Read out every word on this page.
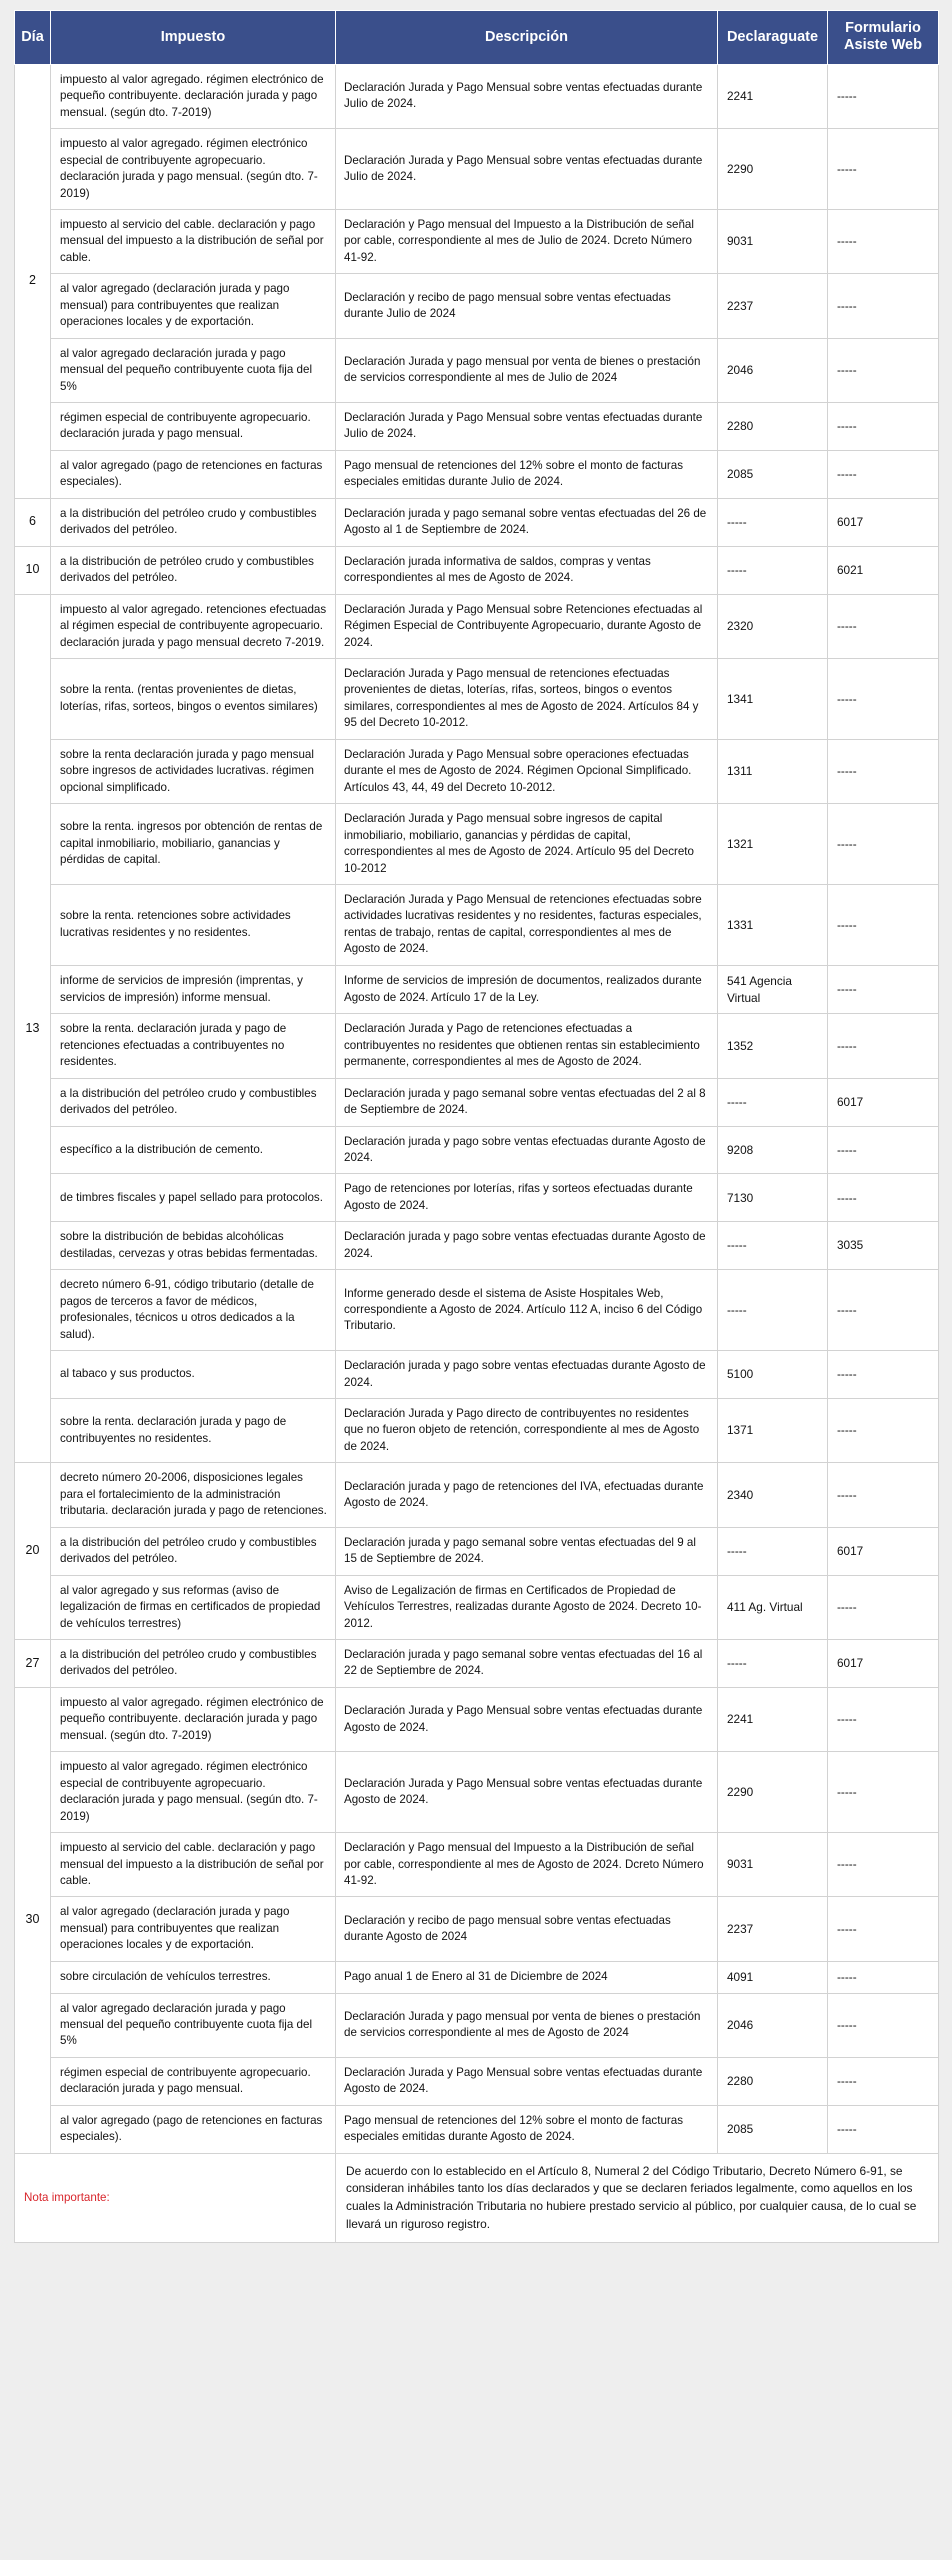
Día	Impuesto	Descripción	Declaraguate	Formulario Asiste Web
2	impuesto al valor agregado. régimen electrónico de pequeño contribuyente. declaración jurada y pago mensual. (según dto. 7-2019)	Declaración Jurada y Pago Mensual sobre ventas efectuadas durante Julio de 2024.	2241	-----
	impuesto al valor agregado. régimen electrónico especial de contribuyente agropecuario. declaración jurada y pago mensual. (según dto. 7-2019)	Declaración Jurada y Pago Mensual sobre ventas efectuadas durante Julio de 2024.	2290	-----
	impuesto al servicio del cable. declaración y pago mensual del impuesto a la distribución de señal por cable.	Declaración y Pago mensual del Impuesto a la Distribución de señal por cable, correspondiente al mes de Julio de 2024. Dcreto Número 41-92.	9031	-----
	al valor agregado (declaración jurada y pago mensual) para contribuyentes que realizan operaciones locales y de exportación.	Declaración y recibo de pago mensual sobre ventas efectuadas durante Julio de 2024	2237	-----
	al valor agregado declaración jurada y pago mensual del pequeño contribuyente cuota fija del 5%	Declaración Jurada y pago mensual por venta de bienes o prestación de servicios correspondiente al mes de Julio de 2024	2046	-----
	régimen especial de contribuyente agropecuario. declaración jurada y pago mensual.	Declaración Jurada y Pago Mensual sobre ventas efectuadas durante Julio de 2024.	2280	-----
	al valor agregado (pago de retenciones en facturas especiales).	Pago mensual de retenciones del 12% sobre el monto de facturas especiales emitidas durante Julio de 2024.	2085	-----
6	a la distribución del petróleo crudo y combustibles derivados del petróleo.	Declaración jurada y pago semanal sobre ventas efectuadas del 26 de Agosto al 1 de Septiembre de 2024.	-----	6017
10	a la distribución de petróleo crudo y combustibles derivados del petróleo.	Declaración jurada informativa de saldos, compras y ventas correspondientes al mes de Agosto de 2024.	-----	6021
13	impuesto al valor agregado. retenciones efectuadas al régimen especial de contribuyente agropecuario. declaración jurada y pago mensual decreto 7-2019.	Declaración Jurada y Pago Mensual sobre Retenciones efectuadas al Régimen Especial de Contribuyente Agropecuario, durante Agosto de 2024.	2320	-----
	sobre la renta. (rentas provenientes de dietas, loterías, rifas, sorteos, bingos o eventos similares)	Declaración Jurada y Pago mensual de retenciones efectuadas provenientes de dietas, loterías, rifas, sorteos, bingos o eventos similares, correspondientes al mes de Agosto de 2024. Artículos 84 y 95 del Decreto 10-2012.	1341	-----
	sobre la renta declaración jurada y pago mensual sobre ingresos de actividades lucrativas. régimen opcional simplificado.	Declaración Jurada y Pago Mensual sobre operaciones efectuadas durante el mes de Agosto de 2024. Régimen Opcional Simplificado. Artículos 43, 44, 49 del Decreto 10-2012.	1311	-----
	sobre la renta. ingresos por obtención de rentas de capital inmobiliario, mobiliario, ganancias y pérdidas de capital.	Declaración Jurada y Pago mensual sobre ingresos de capital inmobiliario, mobiliario, ganancias y pérdidas de capital, correspondientes al mes de Agosto de 2024. Artículo 95 del Decreto 10-2012	1321	-----
	sobre la renta. retenciones sobre actividades lucrativas residentes y no residentes.	Declaración Jurada y Pago Mensual de retenciones efectuadas sobre actividades lucrativas residentes y no residentes, facturas especiales, rentas de trabajo, rentas de capital, correspondientes al mes de Agosto de 2024.	1331	-----
	informe de servicios de impresión (imprentas, y servicios de impresión) informe mensual.	Informe de servicios de impresión de documentos, realizados durante Agosto de 2024. Artículo 17 de la Ley.	541 Agencia Virtual	-----
	sobre la renta. declaración jurada y pago de retenciones efectuadas a contribuyentes no residentes.	Declaración Jurada y Pago de retenciones efectuadas a contribuyentes no residentes que obtienen rentas sin establecimiento permanente, correspondientes al mes de Agosto de 2024.	1352	-----
	a la distribución del petróleo crudo y combustibles derivados del petróleo.	Declaración jurada y pago semanal sobre ventas efectuadas del 2 al 8 de Septiembre de 2024.	-----	6017
	específico a la distribución de cemento.	Declaración jurada y pago sobre ventas efectuadas durante Agosto de 2024.	9208	-----
	de timbres fiscales y papel sellado para protocolos.	Pago de retenciones por loterías, rifas y sorteos efectuadas durante Agosto de 2024.	7130	-----
	sobre la distribución de bebidas alcohólicas destiladas, cervezas y otras bebidas fermentadas.	Declaración jurada y pago sobre ventas efectuadas durante Agosto de 2024.	-----	3035
	decreto número 6-91, código tributario (detalle de pagos de terceros a favor de médicos, profesionales, técnicos u otros dedicados a la salud).	Informe generado desde el sistema de Asiste Hospitales Web, correspondiente a Agosto de 2024. Artículo 112 A, inciso 6 del Código Tributario.	-----	-----
	al tabaco y sus productos.	Declaración jurada y pago sobre ventas efectuadas durante Agosto de 2024.	5100	-----
	sobre la renta. declaración jurada y pago de contribuyentes no residentes.	Declaración Jurada y Pago directo de contribuyentes no residentes que no fueron objeto de retención, correspondiente al mes de Agosto de 2024.	1371	-----
20	decreto número 20-2006, disposiciones legales para el fortalecimiento de la administración tributaria. declaración jurada y pago de retenciones.	Declaración jurada y pago de retenciones del IVA, efectuadas durante Agosto de 2024.	2340	-----
	a la distribución del petróleo crudo y combustibles derivados del petróleo.	Declaración jurada y pago semanal sobre ventas efectuadas del 9 al 15 de Septiembre de 2024.	-----	6017
	al valor agregado y sus reformas (aviso de legalización de firmas en certificados de propiedad de vehículos terrestres)	Aviso de Legalización de firmas en Certificados de Propiedad de Vehículos Terrestres, realizadas durante Agosto de 2024. Decreto 10-2012.	411 Ag. Virtual	-----
27	a la distribución del petróleo crudo y combustibles derivados del petróleo.	Declaración jurada y pago semanal sobre ventas efectuadas del 16 al 22 de Septiembre de 2024.	-----	6017
30	impuesto al valor agregado. régimen electrónico de pequeño contribuyente. declaración jurada y pago mensual. (según dto. 7-2019)	Declaración Jurada y Pago Mensual sobre ventas efectuadas durante Agosto de 2024.	2241	-----
	impuesto al valor agregado. régimen electrónico especial de contribuyente agropecuario. declaración jurada y pago mensual. (según dto. 7-2019)	Declaración Jurada y Pago Mensual sobre ventas efectuadas durante Agosto de 2024.	2290	-----
	impuesto al servicio del cable. declaración y pago mensual del impuesto a la distribución de señal por cable.	Declaración y Pago mensual del Impuesto a la Distribución de señal por cable, correspondiente al mes de Agosto de 2024. Dcreto Número 41-92.	9031	-----
	al valor agregado (declaración jurada y pago mensual) para contribuyentes que realizan operaciones locales y de exportación.	Declaración y recibo de pago mensual sobre ventas efectuadas durante Agosto de 2024	2237	-----
	sobre circulación de vehículos terrestres.	Pago anual 1 de Enero al 31 de Diciembre de 2024	4091	-----
	al valor agregado declaración jurada y pago mensual del pequeño contribuyente cuota fija del 5%	Declaración Jurada y pago mensual por venta de bienes o prestación de servicios correspondiente al mes de Agosto de 2024	2046	-----
	régimen especial de contribuyente agropecuario. declaración jurada y pago mensual.	Declaración Jurada y Pago Mensual sobre ventas efectuadas durante Agosto de 2024.	2280	-----
	al valor agregado (pago de retenciones en facturas especiales).	Pago mensual de retenciones del 12% sobre el monto de facturas especiales emitidas durante Agosto de 2024.	2085	-----
Nota importante:		De acuerdo con lo establecido en el Artículo 8, Numeral 2 del Código Tributario, Decreto Número 6-91, se consideran inhábiles tanto los días declarados y que se declaren feriados legalmente, como aquellos en los cuales la Administración Tributaria no hubiere prestado servicio al público, por cualquier causa, de lo cual se llevará un riguroso registro.		
